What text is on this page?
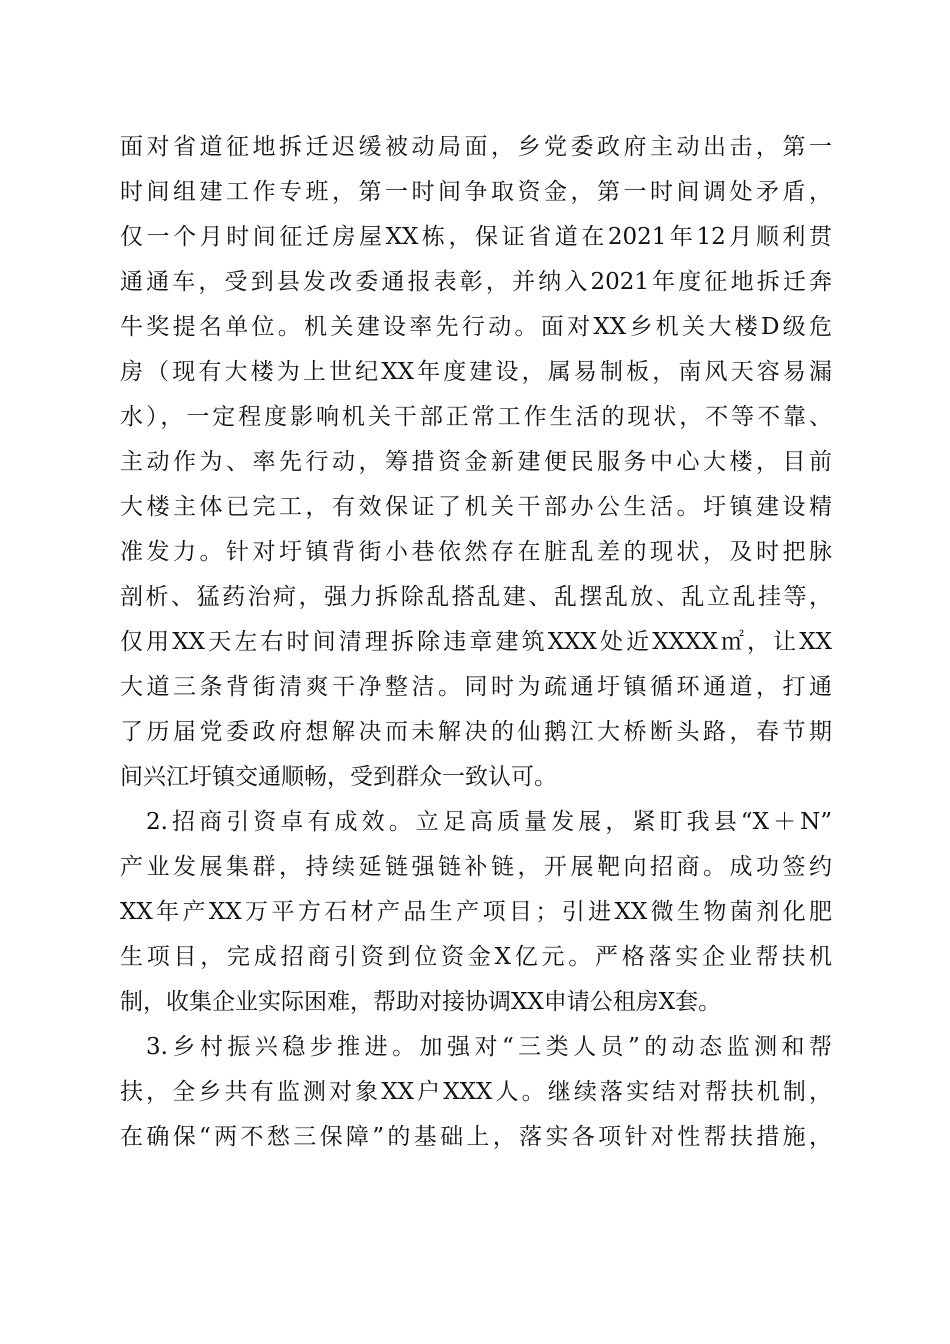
面对省道征地拆迁迟缓被动局面，乡党委政府主动出击，第一
时间组建工作专班，第一时间争取资金，第一时间调处矛盾，
仅一个月时间征迁房屋XX栋，保证省道在2021年12月顺利贯
通通车，受到县发改委通报表彰，并纳入2021年度征地拆迁奔
牛奖提名单位。机关建设率先行动。面对XX乡机关大楼D级危
房（现有大楼为上世纪XX年度建设，属易制板，南风天容易漏
水），一定程度影响机关干部正常工作生活的现状，不等不靠、
主动作为、率先行动，筹措资金新建便民服务中心大楼，目前
大楼主体已完工，有效保证了机关干部办公生活。圩镇建设精
准发力。针对圩镇背街小巷依然存在脏乱差的现状，及时把脉
剖析、猛药治疴，强力拆除乱搭乱建、乱摆乱放、乱立乱挂等，
仅用XX天左右时间清理拆除违章建筑XXX处近XXXX㎡，让XX
大道三条背街清爽干净整洁。同时为疏通圩镇循环通道，打通
了历届党委政府想解决而未解决的仙鹅江大桥断头路，春节期
间兴江圩镇交通顺畅，受到群众一致认可。
2.招商引资卓有成效。立足高质量发展，紧盯我县“X＋N”
产业发展集群，持续延链强链补链，开展靶向招商。成功签约
XX年产XX万平方石材产品生产项目；引进XX微生物菌剂化肥
生项目，完成招商引资到位资金X亿元。严格落实企业帮扶机
制，收集企业实际困难，帮助对接协调XX申请公租房X套。
3.乡村振兴稳步推进。加强对“三类人员”的动态监测和帮
扶，全乡共有监测对象XX户XXX人。继续落实结对帮扶机制，
在确保“两不愁三保障”的基础上，落实各项针对性帮扶措施，
